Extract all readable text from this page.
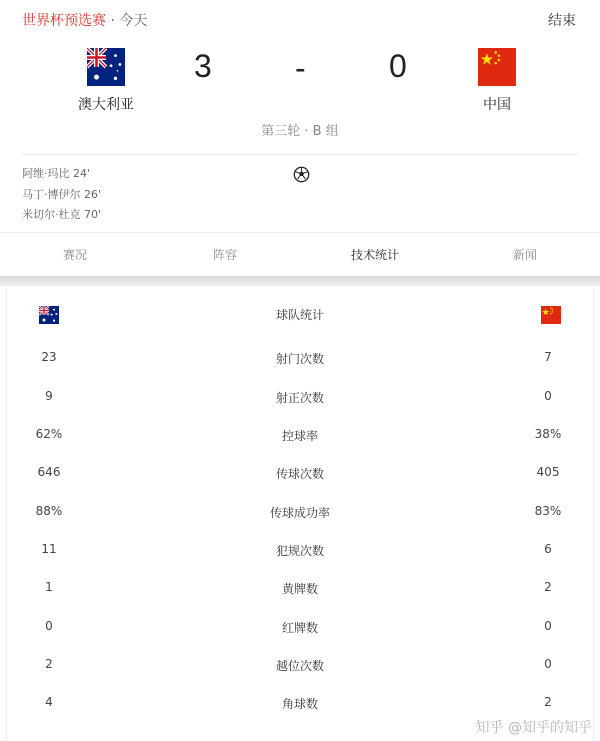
世界杯预选赛 · 今天	结束
澳大利亚	中国
3	-	0
第三轮 · B 组
阿维·玛比 24'
马丁·博伊尔 26'
米切尔·杜克 70'
赛况	阵容	技术统计	新闻
球队统计
23	射门次数	7
9	射正次数	0
62%	控球率	38%
646	传球次数	405
88%	传球成功率	83%
11	犯规次数	6
1	黄牌数	2
0	红牌数	0
2	越位次数	0
4	角球数	2
知乎 @知乎的知乎
